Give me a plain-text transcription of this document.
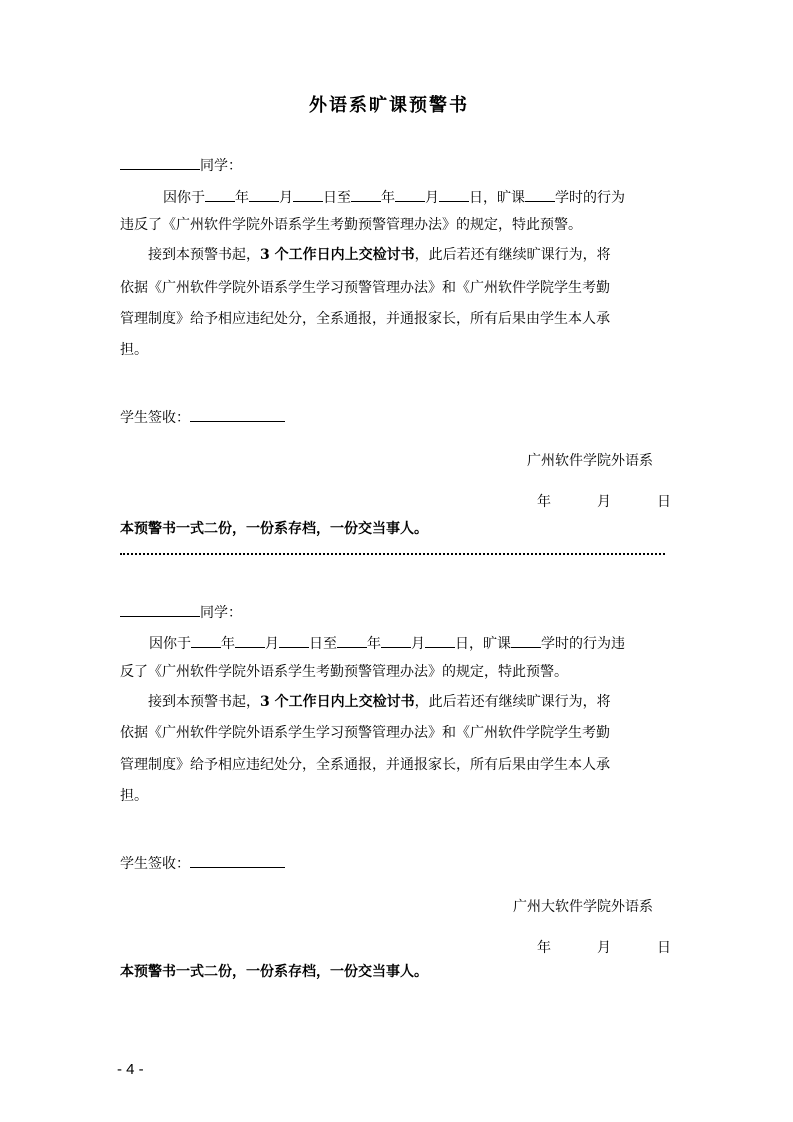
外语系旷课预警书
同学：
因你于 年 月 日至 年 月 日，旷课 学时的行为
违反了《广州软件学院外语系学生考勤预警管理办法》的规定，特此预警。
接到本预警书起，3 个工作日内上交检讨书，此后若还有继续旷课行为，将
依据《广州软件学院外语系学生学习预警管理办法》和《广州软件学院学生考勤
管理制度》给予相应违纪处分，全系通报，并通报家长，所有后果由学生本人承
担。
学生签收：
广州软件学院外语系
年	月	日
本预警书一式二份，一份系存档，一份交当事人。
同学：
因你于 年 月 日至 年 月 日，旷课 学时的行为违
反了《广州软件学院外语系学生考勤预警管理办法》的规定，特此预警。
接到本预警书起，3 个工作日内上交检讨书，此后若还有继续旷课行为，将
依据《广州软件学院外语系学生学习预警管理办法》和《广州软件学院学生考勤
管理制度》给予相应违纪处分，全系通报，并通报家长，所有后果由学生本人承
担。
学生签收：
广州大软件学院外语系
年	月	日
本预警书一式二份，一份系存档，一份交当事人。
- 4 -
